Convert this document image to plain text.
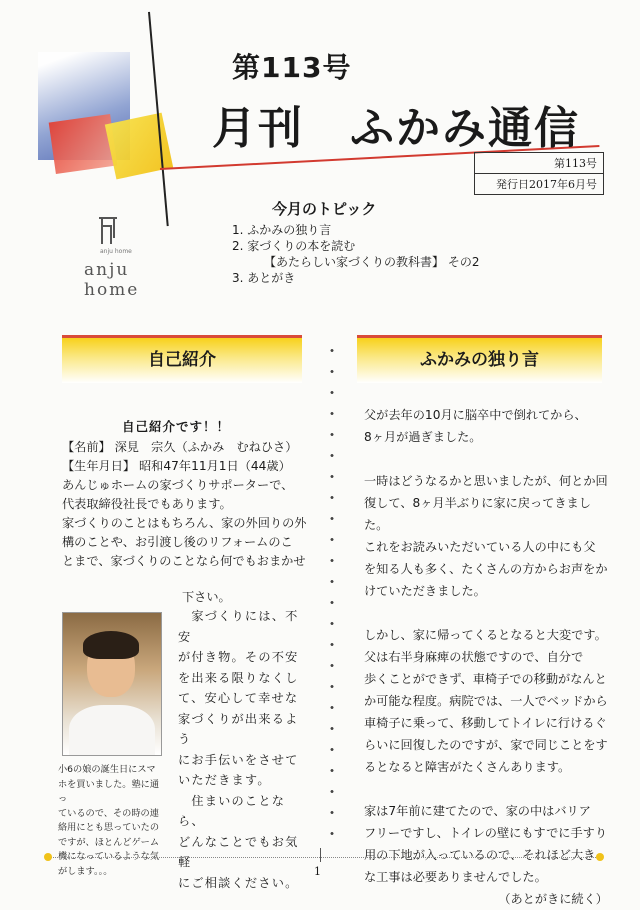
第113号
月刊　ふかみ通信
第113号
発行日2017年6月号
anju home
anju
home
今月のトピック
1. ふかみの独り言
2. 家づくりの本を読む
【あたらしい家づくりの教科書】 その2
3. あとがき
自己紹介	ふかみの独り言
自己紹介です！！

【名前】 深見　宗久（ふかみ　むねひさ）

【生年月日】 昭和47年11月1日（44歳）

あんじゅホームの家づくりサポーターで、

代表取締役社長でもあります。

家づくりのことはもちろん、家の外回りの外

構のことや、お引渡し後のリフォームのこ

とまで、家づくりのことなら何でもおまかせ

下さい。

　家づくりには、不安

が付き物。その不安

を出来る限りなくし

て、安心して幸せな

家づくりが出来るよう

にお手伝いをさせて

いただきます。

　住まいのことなら、

どんなことでもお気軽

にご相談ください。

小6の娘の誕生日にスマ
ホを買いました。塾に通っ
ているので、その時の連
絡用にとも思っていたの
ですが、ほとんどゲーム
機になっているような気
がします。。。

父が去年の10月に脳卒中で倒れてから、

8ヶ月が過ぎました。

一時はどうなるかと思いましたが、何とか回

復して、8ヶ月半ぶりに家に戻ってきました。

これをお読みいただいている人の中にも父

を知る人も多く、たくさんの方からお声をか

けていただきました。

しかし、家に帰ってくるとなると大変です。

父は右半身麻痺の状態ですので、自分で

歩くことができず、車椅子での移動がなんと

か可能な程度。病院では、一人でベッドから

車椅子に乗って、移動してトイレに行けるぐ

らいに回復したのですが、家で同じことをす

るとなると障害がたくさんあります。

家は7年前に建てたので、家の中はバリア

フリーですし、トイレの壁にもすでに手すり

用の下地が入っているので、それほど大き

な工事は必要ありませんでした。

（あとがきに続く）

1
